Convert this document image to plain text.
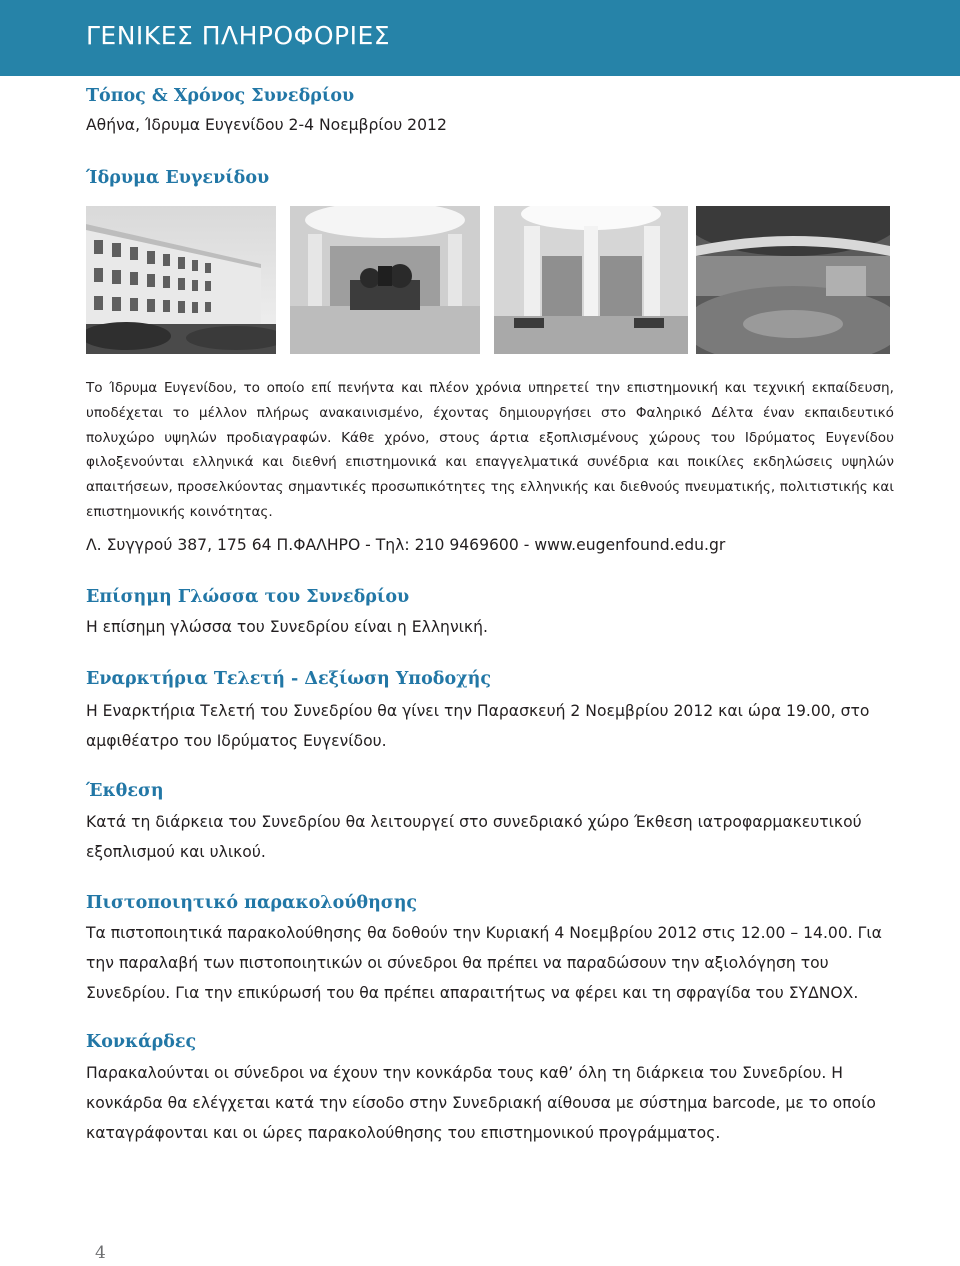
ΓΕΝΙΚΕΣ ΠΛΗΡΟΦΟΡΙΕΣ
Τόπος & Χρόνος Συνεδρίου

Αθήνα, Ίδρυμα Ευγενίδου 2-4 Νοεμβρίου 2012

Ίδρυμα Ευγενίδου

Το Ίδρυμα Ευγενίδου, το οποίο επί πενήντα και πλέον χρόνια υπηρετεί την επιστημονική και τεχνική εκπαίδευση, υποδέχεται το μέλλον πλήρως ανακαινισμένο, έχοντας δημιουργήσει στο Φαληρικό Δέλτα έναν εκπαιδευτικό πολυχώρο υψηλών προδιαγραφών. Κάθε χρόνο, στους άρτια εξοπλισμένους χώρους του Ιδρύματος Ευγενίδου φιλοξενούνται ελληνικά και διεθνή επιστημονικά και επαγγελματικά συνέδρια και ποικίλες εκδηλώσεις υψηλών απαιτήσεων, προσελκύοντας σημαντικές προσωπικότητες της ελληνικής και διεθνούς πνευματικής, πολιτιστικής και επιστημονικής κοινότητας.

Λ. Συγγρού 387, 175 64 Π.ΦΑΛΗΡΟ - Τηλ: 210 9469600 - www.eugenfound.edu.gr

Επίσημη Γλώσσα του Συνεδρίου

Η επίσημη γλώσσα του Συνεδρίου είναι η Ελληνική.

Εναρκτήρια Τελετή - Δεξίωση Υποδοχής

Η Εναρκτήρια Τελετή του Συνεδρίου θα γίνει την Παρασκευή 2 Νοεμβρίου 2012 και ώρα 19.00, στο αμφιθέατρο του Ιδρύματος Ευγενίδου.

Έκθεση

Κατά τη διάρκεια του Συνεδρίου θα λειτουργεί στο συνεδριακό χώρο Έκθεση ιατροφαρμακευτικού εξοπλισμού και υλικού.

Πιστοποιητικό παρακολούθησης

Τα πιστοποιητικά παρακολούθησης θα δοθούν την Κυριακή 4 Νοεμβρίου 2012 στις 12.00 – 14.00. Για την παραλαβή των πιστοποιητικών οι σύνεδροι θα πρέπει να παραδώσουν την αξιολόγηση του Συνεδρίου. Για την επικύρωσή του θα πρέπει απαραιτήτως να φέρει και τη σφραγίδα του ΣΥΔΝΟΧ.

Κονκάρδες

Παρακαλούνται οι σύνεδροι να έχουν την κονκάρδα τους καθ’ όλη τη διάρκεια του Συνεδρίου. Η κονκάρδα θα ελέγχεται κατά την είσοδο στην Συνεδριακή αίθουσα με σύστημα barcode, με το οποίο καταγράφονται και οι ώρες παρακολούθησης του επιστημονικού προγράμματος.

4
